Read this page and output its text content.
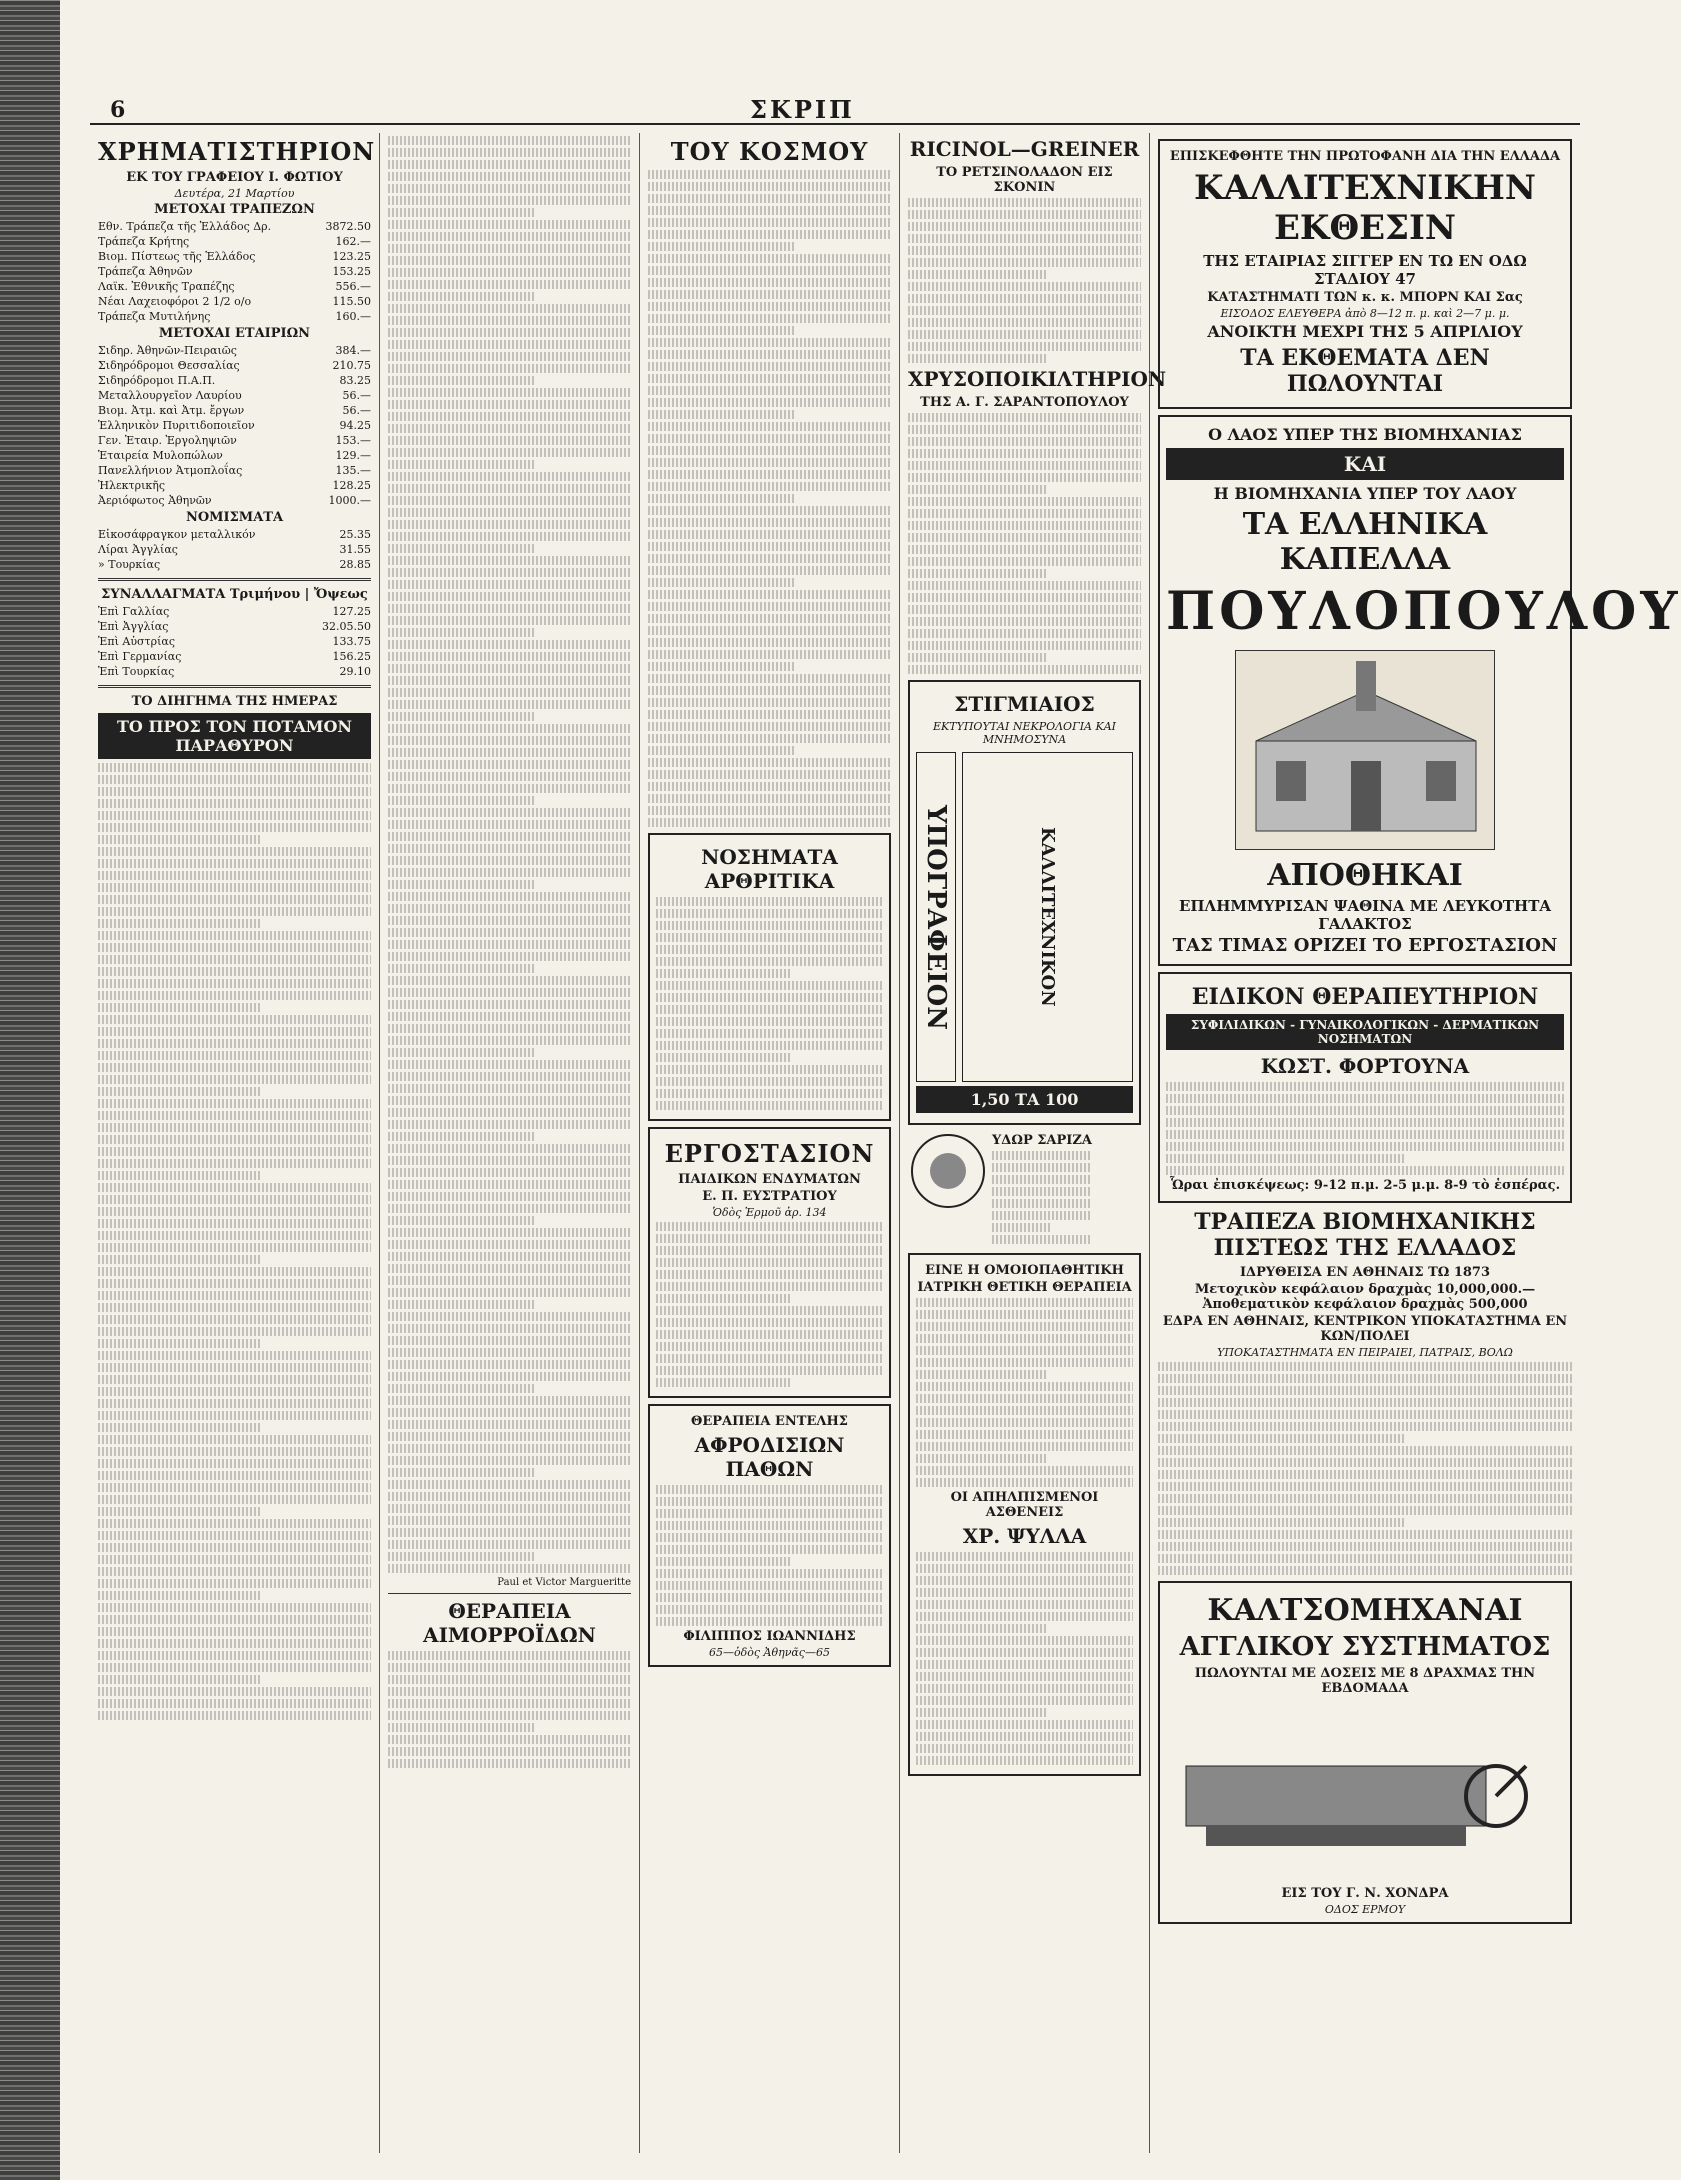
6	ΣΚΡΙΠ
ΧΡΗΜΑΤΙΣΤΗΡΙΟΝ
ΕΚ ΤΟΥ ΓΡΑΦΕΙΟΥ Ι. ΦΩΤΙΟΥ
Δευτέρα, 21 Μαρτίου
ΜΕΤΟΧΑΙ ΤΡΑΠΕΖΩΝ
Εθν. Τράπεζα τῆς Ἑλλάδος Δρ.	3872.50
Τράπεζα Κρήτης	162.—
Βιομ. Πίστεως τῆς Ἑλλάδος	123.25
Τράπεζα Ἀθηνῶν	153.25
Λαϊκ. Ἐθνικῆς Τραπέζης	556.—
Νέαι Λαχειοφόροι 2 1/2 ο/ο	115.50
Τράπεζα Μυτιλήνης	160.—
ΜΕΤΟΧΑΙ ΕΤΑΙΡΙΩΝ
Σιδηρ. Ἀθηνῶν-Πειραιῶς	384.—
Σιδηρόδρομοι Θεσσαλίας	210.75
Σιδηρόδρομοι Π.Α.Π.	83.25
Μεταλλουργεῖον Λαυρίου	56.—
Βιομ. Ἀτμ. καὶ Ἀτμ. ἔργων	56.—
Ἑλληνικὸν Πυριτιδοποιεῖον	94.25
Γεν. Ἑταιρ. Ἐργοληψιῶν	153.—
Ἑταιρεία Μυλοπώλων	129.—
Πανελλήνιον Ἀτμοπλοΐας	135.—
Ἠλεκτρικῆς	128.25
Ἀεριόφωτος Ἀθηνῶν	1000.—
ΝΟΜΙΣΜΑΤΑ
Εἰκοσάφραγκον μεταλλικόν	25.35
Λίραι Ἀγγλίας	31.55
» Τουρκίας	28.85
ΣΥΝΑΛΛΑΓΜΑΤΑ Τριμήνου | Ὄψεως
Ἐπὶ Γαλλίας	127.25
Ἐπὶ Ἀγγλίας	32.05.50
Ἐπὶ Αὐστρίας	133.75
Ἐπὶ Γερμανίας	156.25
Ἐπὶ Τουρκίας	29.10
ΤΟ ΔΙΗΓΗΜΑ ΤΗΣ ΗΜΕΡΑΣ
ΤΟ ΠΡΟΣ ΤΟΝ ΠΟΤΑΜΟΝ ΠΑΡΑΘΥΡΟΝ
Paul et Victor Margueritte
ΘΕΡΑΠΕΙΑ ΑΙΜΟΡΡΟΪΔΩΝ
ΤΟΥ ΚΟΣΜΟΥ
ΝΟΣΗΜΑΤΑ ΑΡΘΡΙΤΙΚΑ
ΕΡΓΟΣΤΑΣΙΟΝ
ΠΑΙΔΙΚΩΝ ΕΝΔΥΜΑΤΩΝ
Ε. Π. ΕΥΣΤΡΑΤΙΟΥ
Ὁδὸς Ἑρμοῦ ἀρ. 134
ΘΕΡΑΠΕΙΑ ΕΝΤΕΛΗΣ
ΑΦΡΟΔΙΣΙΩΝ ΠΑΘΩΝ
ΦΙΛΙΠΠΟΣ ΙΩΑΝΝΙΔΗΣ
65—ὁδὸς Ἀθηνᾶς—65
RICINOL—GREINER
ΤΟ ΡΕΤΣΙΝΟΛΑΔΟΝ ΕΙΣ ΣΚΟΝΙΝ
ΧΡΥΣΟΠΟΙΚΙΛΤΗΡΙΟΝ
ΤΗΣ Α. Γ. ΣΑΡΑΝΤΟΠΟΥΛΟΥ
ΣΤΙΓΜΙΑΙΟΣ
ΕΚΤΥΠΟΥΤΑΙ ΝΕΚΡΟΛΟΓΙΑ ΚΑΙ ΜΝΗΜΟΣΥΝΑ
ΥΠΟΓΡΑΦΕΙΟΝ	ΚΑΛΛΙΤΕΧΝΙΚΟΝ
1,50 ΤΑ 100
ΥΔΩΡ ΣΑΡΙΖΑ
ΕΙΝΕ Η ΟΜΟΙΟΠΑΘΗΤΙΚΗ
ΙΑΤΡΙΚΗ ΘΕΤΙΚΗ ΘΕΡΑΠΕΙΑ
ΟΙ ΑΠΗΛΠΙΣΜΕΝΟΙ ΑΣΘΕΝΕΙΣ
ΧΡ. ΨΥΛΛΑ
ΕΠΙΣΚΕΦΘΗΤΕ ΤΗΝ ΠΡΩΤΟΦΑΝΗ ΔΙΑ ΤΗΝ ΕΛΛΑΔΑ
ΚΑΛΛΙΤΕΧΝΙΚΗΝ ΕΚΘΕΣΙΝ
ΤΗΣ ΕΤΑΙΡΙΑΣ ΣΙΓΓΕΡ ΕΝ ΤΩ ΕΝ ΟΔΩ ΣΤΑΔΙΟΥ 47
ΚΑΤΑΣΤΗΜΑΤΙ ΤΩΝ κ. κ. ΜΠΟΡΝ ΚΑΙ Σας
ΕΙΣΟΔΟΣ ΕΛΕΥΘΕΡΑ ἀπὸ 8—12 π. μ. καὶ 2—7 μ. μ.
ΑΝΟΙΚΤΗ ΜΕΧΡΙ ΤΗΣ 5 ΑΠΡΙΛΙΟΥ
ΤΑ ΕΚΘΕΜΑΤΑ ΔΕΝ ΠΩΛΟΥΝΤΑΙ
Ο ΛΑΟΣ ΥΠΕΡ ΤΗΣ ΒΙΟΜΗΧΑΝΙΑΣ
ΚΑΙ
Η ΒΙΟΜΗΧΑΝΙΑ ΥΠΕΡ ΤΟΥ ΛΑΟΥ
ΤΑ ΕΛΛΗΝΙΚΑ ΚΑΠΕΛΛΑ
ΠΟΥΛΟΠΟΥΛΟΥ
ΑΠΟΘΗΚΑΙ
ΕΠΛΗΜΜΥΡΙΣΑΝ ΨΑΘΙΝΑ ΜΕ ΛΕΥΚΟΤΗΤΑ ΓΑΛΑΚΤΟΣ
ΤΑΣ ΤΙΜΑΣ ΟΡΙΖΕΙ ΤΟ ΕΡΓΟΣΤΑΣΙΟΝ
ΕΙΔΙΚΟΝ ΘΕΡΑΠΕΥΤΗΡΙΟΝ
ΣΥΦΙΛΙΔΙΚΩΝ - ΓΥΝΑΙΚΟΛΟΓΙΚΩΝ - ΔΕΡΜΑΤΙΚΩΝ ΝΟΣΗΜΑΤΩΝ
ΚΩΣΤ. ΦΟΡΤΟΥΝΑ
Ὧραι ἐπισκέψεως: 9-12 π.μ. 2-5 μ.μ. 8-9 τὸ ἑσπέρας.
ΤΡΑΠΕΖΑ ΒΙΟΜΗΧΑΝΙΚΗΣ ΠΙΣΤΕΩΣ ΤΗΣ ΕΛΛΑΔΟΣ
ΙΔΡΥΘΕΙΣΑ ΕΝ ΑΘΗΝΑΙΣ ΤΩ 1873
Μετοχικὸν κεφάλαιον δραχμὰς 10,000,000.—Ἀποθεματικὸν κεφάλαιον δραχμὰς 500,000
ΕΔΡΑ ΕΝ ΑΘΗΝΑΙΣ, ΚΕΝΤΡΙΚΟΝ ΥΠΟΚΑΤΑΣΤΗΜΑ ΕΝ ΚΩΝ/ΠΟΛΕΙ
ΥΠΟΚΑΤΑΣΤΗΜΑΤΑ ΕΝ ΠΕΙΡΑΙΕΙ, ΠΑΤΡΑΙΣ, ΒΟΛΩ
ΚΑΛΤΣΟΜΗΧΑΝΑΙ
ΑΓΓΛΙΚΟΥ ΣΥΣΤΗΜΑΤΟΣ
ΠΩΛΟΥΝΤΑΙ ΜΕ ΔΟΣΕΙΣ ΜΕ 8 ΔΡΑΧΜΑΣ ΤΗΝ ΕΒΔΟΜΑΔΑ
ΕΙΣ ΤΟΥ Γ. Ν. ΧΟΝΔΡΑ
ΟΔΟΣ ΕΡΜΟΥ
